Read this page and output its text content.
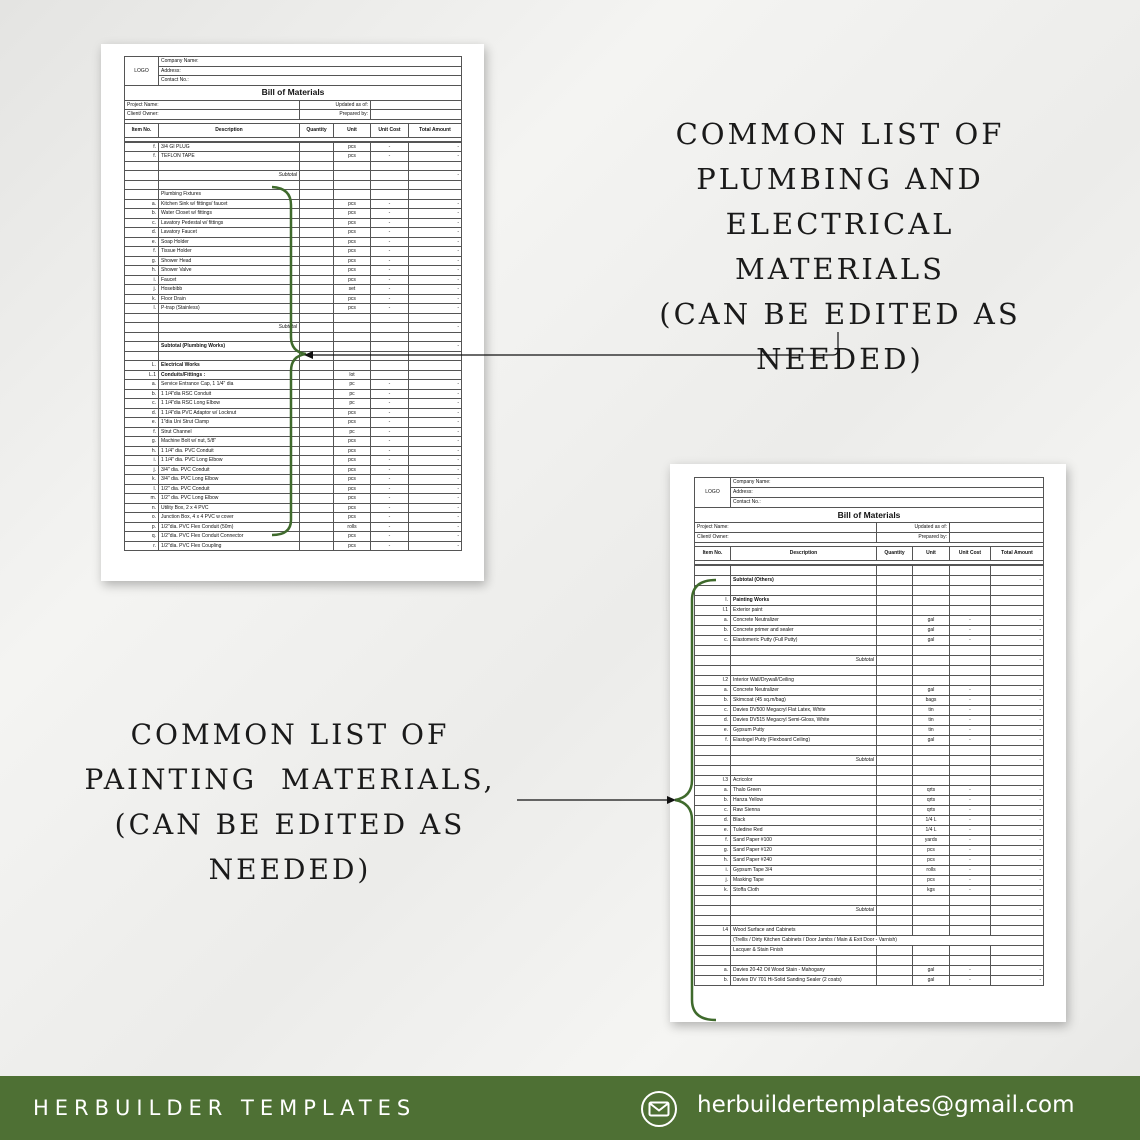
LOGO	Company Name:				
	Address:				
	Contact No.:				
Bill of Materials					
Project Name:		Updated as of:			
Client/ Owner:		Prepared by:			

Item No.	Description	Quantity	Unit	Unit Cost	Total Amount

f.	3/4 GI PLUG		pcs	-	-
f.	TEFLON TAPE		pcs	-	-

	Subtotal				-

	Plumbing Fixtures				
a.	Kitchen Sink w/ fittings/ faucet		pcs	-	-
b.	Water Closet w/ fittings		pcs	-	-
c.	Lavatory Pedestal w/ fittings		pcs	-	-
d.	Lavatory Faucet		pcs	-	-
e.	Soap Holder		pcs	-	-
f.	Tissue Holder		pcs	-	-
g.	Shower Head		pcs	-	-
h.	Shower Valve		pcs	-	-
i.	Faucet		pcs	-	-
j.	Hosebibb		set	-	-
k.	Floor Drain		pcs	-	-
l.	P-trap (Stainless)		pcs	-	-

	Subtotal				-

	Subtotal (Plumbing Works)				-

L.	Electrical Works				
L.1	Conduits/Fittings :		lot		
a.	Service Entrance Cap, 1 1/4" dia		pc	-	-
b.	1 1/4"dia RSC Conduit		pc	-	-
c.	1 1/4"dia RSC Long Elbow		pc	-	-
d.	1 1/4"dia PVC Adaptor w/ Locknut		pcs	-	-
e.	1"dia Uni Strut Clamp		pcs	-	-
f.	Strut Channel		pc	-	-
g.	Machine Bolt w/ nut, 5/8"		pcs	-	-
h.	1 1/4" dia. PVC Conduit		pcs	-	-
i.	1 1/4" dia. PVC Long Elbow		pcs	-	-
j.	3/4" dia. PVC Conduit		pcs	-	-
k.	3/4" dia. PVC Long Elbow		pcs	-	-
l.	1/2" dia. PVC Conduit		pcs	-	-
m.	1/2" dia. PVC Long Elbow		pcs	-	-
n.	Utility Box, 2 x 4 PVC		pcs	-	-
o.	Junction Box, 4 x 4 PVC w cover		pcs	-	-
p.	1/2"dia. PVC Flex Conduit (50m)		rolls	-	-
q.	1/2"dia. PVC Flex Conduit Connector		pcs	-	-
r.	1/2"dia. PVC Flex Coupling		pcs	-	-
LOGO	Company Name:				
	Address:				
	Contact No.:				
Bill of Materials					
Project Name:		Updated as of:			
Client/ Owner:		Prepared by:			

Item No.	Description	Quantity	Unit	Unit Cost	Total Amount

	Subtotal (Others)				-

I.	Painting Works				
I.1	Exterior paint				
a.	Concrete Neutralizer		gal	-	-
b.	Concrete primer and sealer		gal	-	-
c.	Elastomeric Putty (Full Putty)		gal	-	-

	Subtotal				-

I.2	Interior Wall/Drywall/Ceiling				
a.	Concrete Neutralizer		gal	-	-
b.	Skimcoat (45 sq.m/bag)		bags	-	-
c.	Davies DV500 Megacryl Flat Latex, White		tin	-	-
d.	Davies DV515 Megacryl Semi-Gloss, White		tin	-	-
e.	Gypsum Putty		tin	-	-
f.	Elastogel Putty (Flexboard Ceiling)		gal	-	-

	Subtotal				-

I.3	Acricolor				
a.	Thalo Green		qrts	-	-
b.	Hanza Yellow		qrts	-	-
c.	Raw Sienna		qrts	-	-
d.	Black		1/4 L	-	-
e.	Tuledine Red		1/4 L	-	-
f.	Sand Paper #100		yards	-	-
g.	Sand Paper #120		pcs	-	-
h.	Sand Paper #240		pcs	-	-
i.	Gypsum Tape 3/4		rolls	-	-
j.	Masking Tape		pcs	-	-
k.	Stoffa Cloth		kgs	-	-

	Subtotal				-

I.4	Wood Surface and Cabinets				
	(Trellis / Dirty Kitchen Cabinets / Door Jambs / Main & Exit Door - Varnish)				
	Lacquer & Stain Finish				

a.	Davies 20-42 Oil Wood Stain - Mahogany		gal	-	-
b.	Davies DV 701 Hi-Solid Sanding Sealer (2 coats)		gal	-	-
COMMON LIST OF
PLUMBING AND
ELECTRICAL MATERIALS
(CAN BE EDITED AS
NEEDED)
COMMON LIST OF
PAINTING  MATERIALS,
(CAN BE EDITED AS
NEEDED)
HERBUILDER TEMPLATES	herbuildertemplates@gmail.com
